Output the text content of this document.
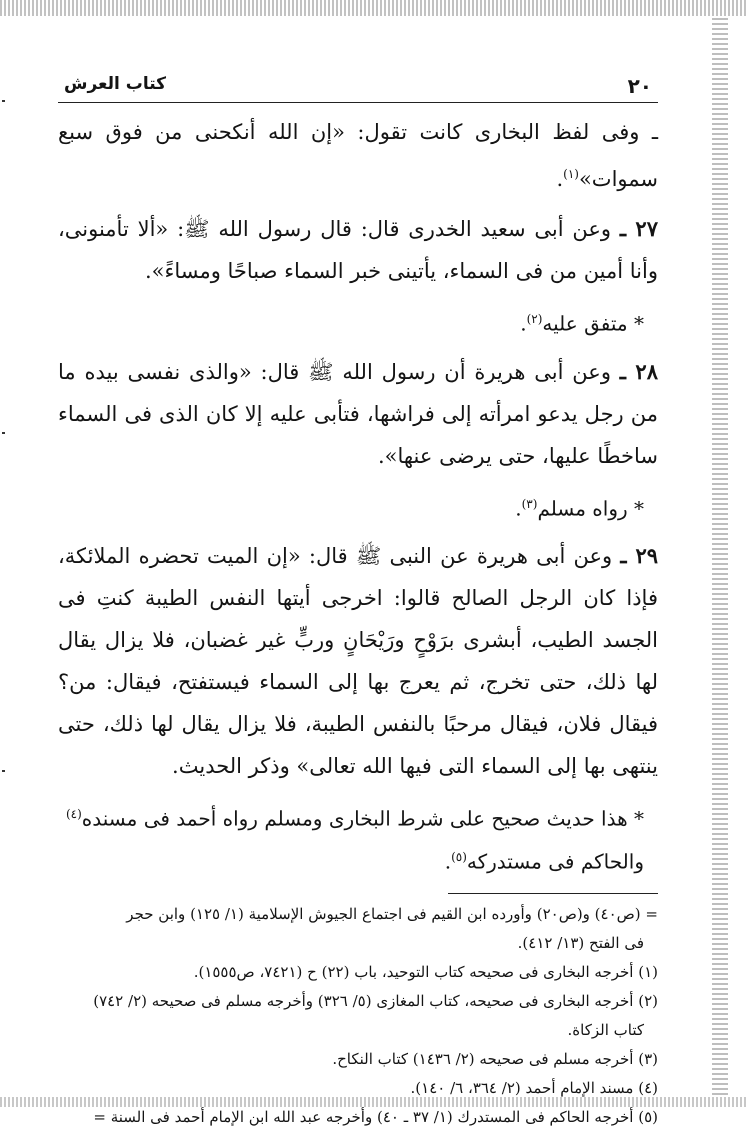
٢٠
كتاب العرش

ـ وفى لفظ البخارى كانت تقول: «إن الله أنكحنى من فوق سبع سموات»$^{(١)}$.

٢٧ ـ وعن أبى سعيد الخدرى قال: قال رسول الله ﷺ: «ألا تأمنونى، وأنا أمين من فى السماء، يأتينى خبر السماء صباحًا ومساءً».

* متفق عليه$^{(٢)}$.

٢٨ ـ وعن أبى هريرة أن رسول الله ﷺ قال: «والذى نفسى بيده ما من رجل يدعو امرأته إلى فراشها، فتأبى عليه إلا كان الذى فى السماء ساخطًا عليها، حتى يرضى عنها».

* رواه مسلم$^{(٣)}$.

٢٩ ـ وعن أبى هريرة عن النبى ﷺ قال: «إن الميت تحضره الملائكة، فإذا كان الرجل الصالح قالوا: اخرجى أيتها النفس الطيبة كنتِ فى الجسد الطيب، أبشرى برَوْحٍ ورَيْحَانٍ وربٍّ غير غضبان، فلا يزال يقال لها ذلك، حتى تخرج، ثم يعرج بها إلى السماء فيستفتح، فيقال: من؟ فيقال فلان، فيقال مرحبًا بالنفس الطيبة، فلا يزال يقال لها ذلك، حتى ينتهى بها إلى السماء التى فيها الله تعالى» وذكر الحديث.

* هذا حديث صحيح على شرط البخارى ومسلم رواه أحمد فى مسنده$^{(٤)}$
والحاكم فى مستدركه$^{(٥)}$.

= (ص٤٠) و(ص٢٠) وأورده ابن القيم فى اجتماع الجيوش الإسلامية (١/ ١٢٥) وابن حجر

فى الفتح (١٣/ ٤١٢).

(١) أخرجه البخارى فى صحيحه كتاب التوحيد، باب (٢٢) ح (٧٤٢١، ص١٥٥٥).

(٢) أخرجه البخارى فى صحيحه، كتاب المغازى (٥/ ٣٢٦) وأخرجه مسلم فى صحيحه (٢/ ٧٤٢)

كتاب الزكاة.

(٣) أخرجه مسلم فى صحيحه (٢/ ١٤٣٦) كتاب النكاح.

(٤) مسند الإمام أحمد (٢/ ٣٦٤، ٦/ ١٤٠).

(٥) أخرجه الحاكم فى المستدرك (١/ ٣٧ ـ ٤٠) وأخرجه عبد الله ابن الإمام أحمد فى السنة =
